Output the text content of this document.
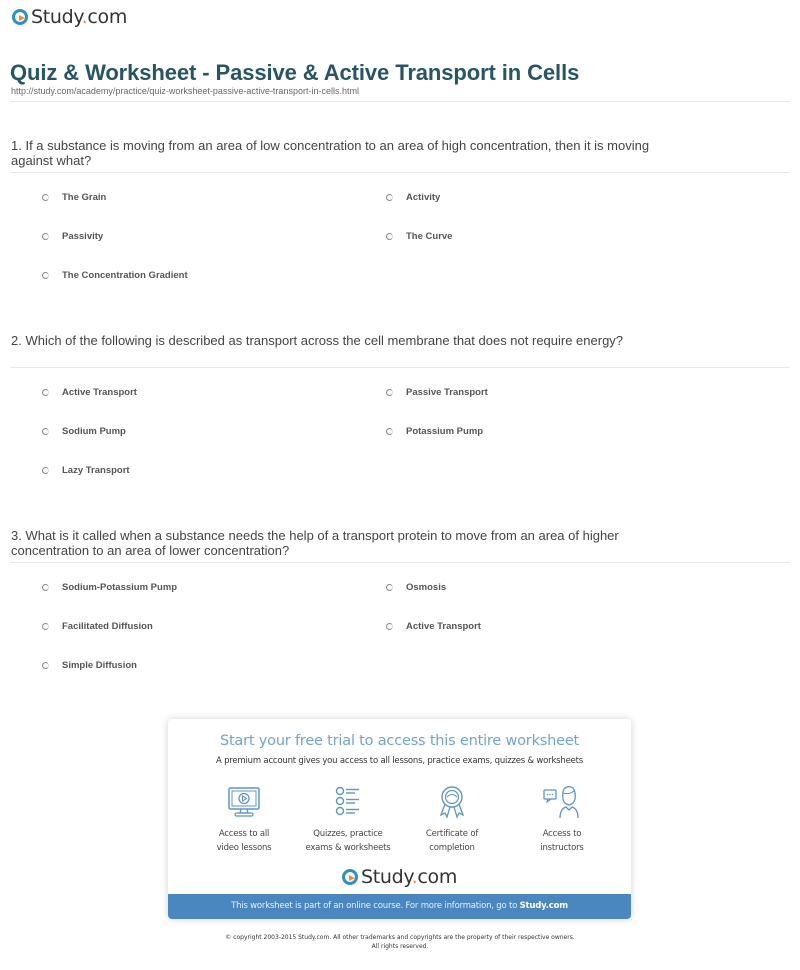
Study.com
Quiz & Worksheet - Passive & Active Transport in Cells
http://study.com/academy/practice/quiz-worksheet-passive-active-transport-in-cells.html
1. If a substance is moving from an area of low concentration to an area of high concentration, then it is moving against what?
The Grain	Activity
Passivity	The Curve
The Concentration Gradient
2. Which of the following is described as transport across the cell membrane that does not require energy?
Active Transport	Passive Transport
Sodium Pump	Potassium Pump
Lazy Transport
3. What is it called when a substance needs the help of a transport protein to move from an area of higher concentration to an area of lower concentration?
Sodium-Potassium Pump	Osmosis
Facilitated Diffusion	Active Transport
Simple Diffusion
Start your free trial to access this entire worksheet
A premium account gives you access to all lessons, practice exams, quizzes & worksheets
Access to all
video lessons
Quizzes, practice
exams & worksheets
Certificate of
completion
Access to
instructors
Study.com
This worksheet is part of an online course. For more information, go to Study.com
© copyright 2003-2015 Study.com. All other trademarks and copyrights are the property of their respective owners.
All rights reserved.
